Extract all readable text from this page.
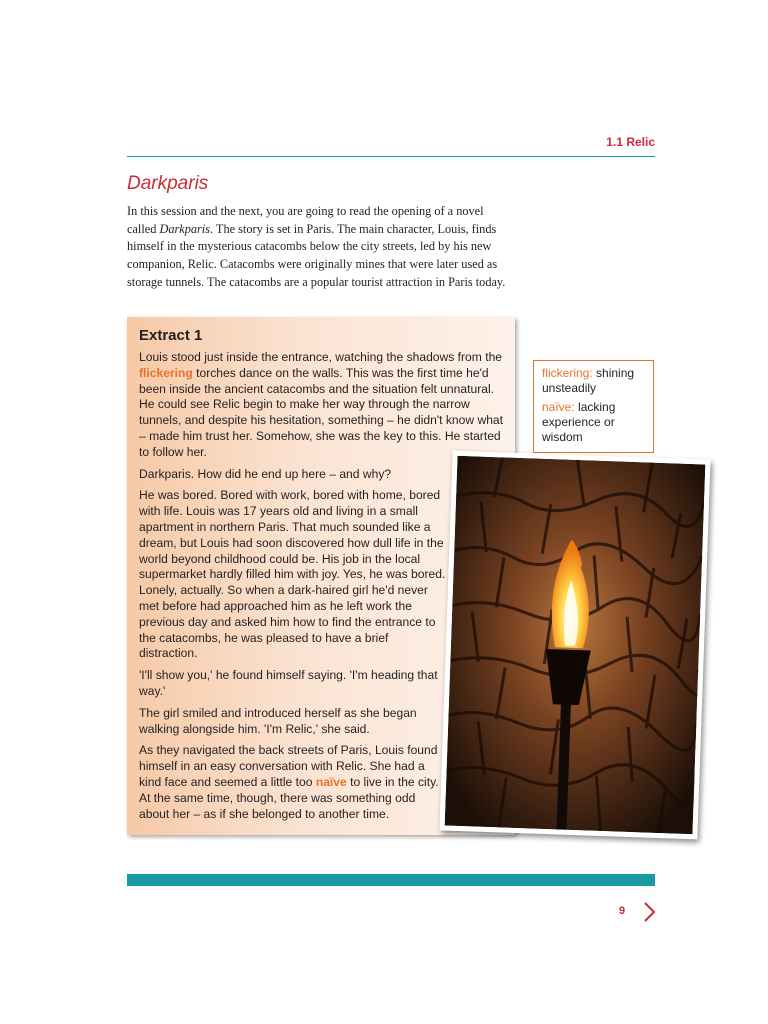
1.1 Relic
Darkparis

In this session and the next, you are going to read the opening of a novel called Darkparis. The story is set in Paris. The main character, Louis, finds himself in the mysterious catacombs below the city streets, led by his new companion, Relic. Catacombs were originally mines that were later used as storage tunnels. The catacombs are a popular tourist attraction in Paris today.

Extract 1

Louis stood just inside the entrance, watching the shadows from the flickering torches dance on the walls. This was the first time he'd been inside the ancient catacombs and the situation felt unnatural. He could see Relic begin to make her way through the narrow tunnels, and despite his hesitation, something – he didn't know what – made him trust her. Somehow, she was the key to this. He started to follow her.

Darkparis. How did he end up here – and why?

He was bored. Bored with work, bored with home, bored with life. Louis was 17 years old and living in a small apartment in northern Paris. That much sounded like a dream, but Louis had soon discovered how dull life in the world beyond childhood could be. His job in the local supermarket hardly filled him with joy. Yes, he was bored. Lonely, actually. So when a dark-haired girl he'd never met before had approached him as he left work the previous day and asked him how to find the entrance to the catacombs, he was pleased to have a brief distraction.

'I'll show you,' he found himself saying. 'I'm heading that way.'

The girl smiled and introduced herself as she began walking alongside him. 'I'm Relic,' she said.

As they navigated the back streets of Paris, Louis found himself in an easy conversation with Relic. She had a kind face and seemed a little too naïve to live in the city. At the same time, though, there was something odd about her – as if she belonged to another time.

flickering: shining unsteadily
naïve: lacking experience or wisdom
9
